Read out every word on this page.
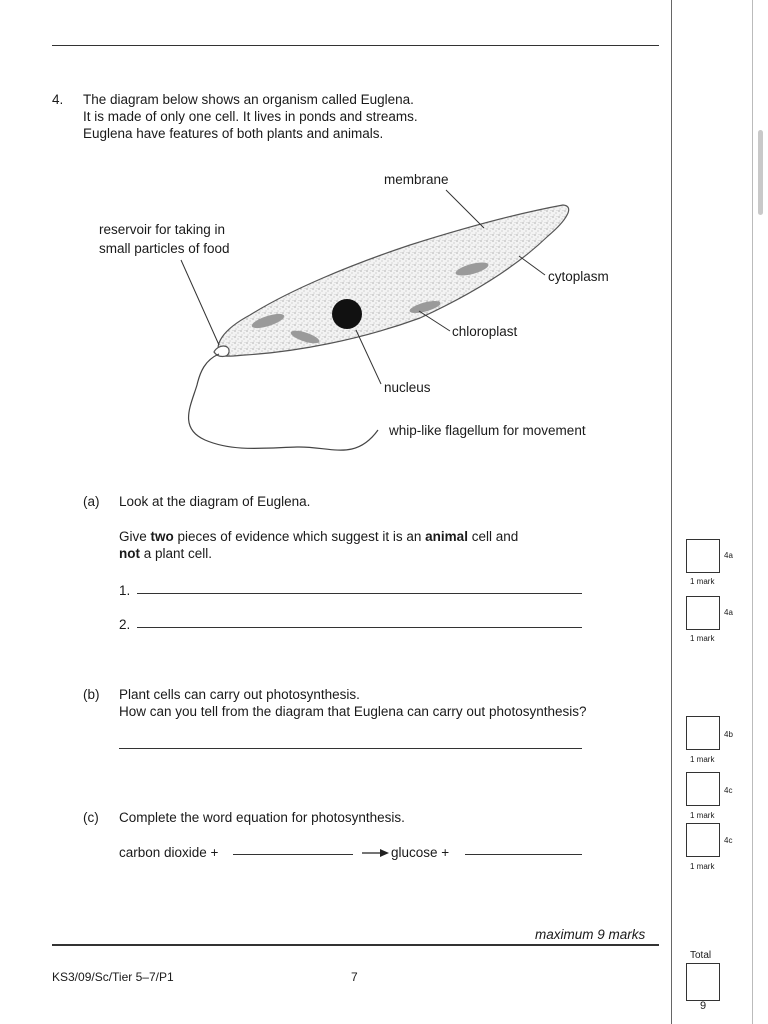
4. The diagram below shows an organism called Euglena.
It is made of only one cell. It lives in ponds and streams.
Euglena have features of both plants and animals.
membrane
reservoir for taking in
small particles of food
cytoplasm
chloroplast
nucleus
whip-like flagellum for movement
(a) Look at the diagram of Euglena.
Give two pieces of evidence which suggest it is an animal cell and
not a plant cell.
1.
2.
(b) Plant cells can carry out photosynthesis.
How can you tell from the diagram that Euglena can carry out photosynthesis?
(c) Complete the word equation for photosynthesis.
carbon dioxide +	glucose +
4a
1 mark
4a
1 mark
4b
1 mark
4c
1 mark
4c
1 mark
maximum 9 marks
Total
9
KS3/09/Sc/Tier 5–7/P1	7
